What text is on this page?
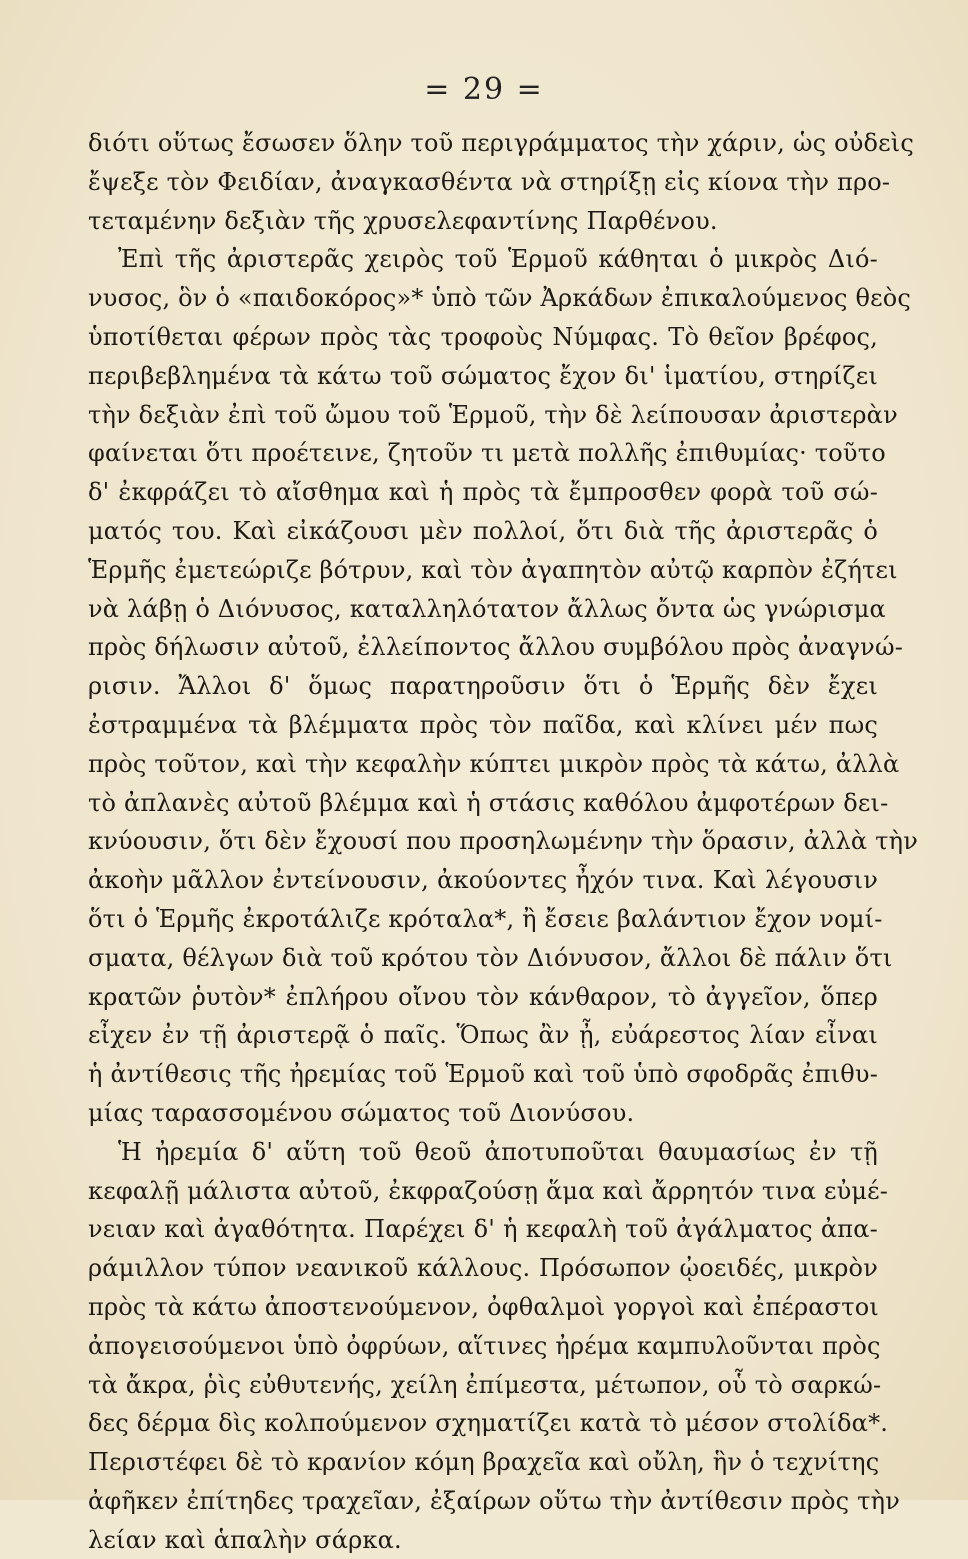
= 29 =
διότι οὕτως ἔσωσεν ὅλην τοῦ περιγράμματος τὴν χάριν, ὡς οὐδεὶς
ἔψεξε τὸν Φειδίαν, ἀναγκασθέντα νὰ στηρίξῃ εἰς κίονα τὴν προ-
τεταμένην δεξιὰν τῆς χρυσελεφαντίνης Παρθένου.
Ἐπὶ τῆς ἀριστερᾶς χειρὸς τοῦ Ἑρμοῦ κάθηται ὁ μικρὸς Διό-
νυσος, ὃν ὁ «παιδοκόρος»* ὑπὸ τῶν Ἀρκάδων ἐπικαλούμενος θεὸς
ὑποτίθεται φέρων πρὸς τὰς τροφοὺς Νύμφας. Τὸ θεῖον βρέφος,
περιβεβλημένα τὰ κάτω τοῦ σώματος ἔχον δι' ἱματίου, στηρίζει
τὴν δεξιὰν ἐπὶ τοῦ ὤμου τοῦ Ἑρμοῦ, τὴν δὲ λείπουσαν ἀριστερὰν
φαίνεται ὅτι προέτεινε, ζητοῦν τι μετὰ πολλῆς ἐπιθυμίας· τοῦτο
δ' ἐκφράζει τὸ αἴσθημα καὶ ἡ πρὸς τὰ ἔμπροσθεν φορὰ τοῦ σώ-
ματός του. Καὶ εἰκάζουσι μὲν πολλοί, ὅτι διὰ τῆς ἀριστερᾶς ὁ
Ἑρμῆς ἐμετεώριζε βότρυν, καὶ τὸν ἀγαπητὸν αὐτῷ καρπὸν ἐζήτει
νὰ λάβῃ ὁ Διόνυσος, καταλληλότατον ἄλλως ὄντα ὡς γνώρισμα
πρὸς δήλωσιν αὐτοῦ, ἐλλείποντος ἄλλου συμβόλου πρὸς ἀναγνώ-
ρισιν. Ἄλλοι δ' ὅμως παρατηροῦσιν ὅτι ὁ Ἑρμῆς δὲν ἔχει
ἐστραμμένα τὰ βλέμματα πρὸς τὸν παῖδα, καὶ κλίνει μέν πως
πρὸς τοῦτον, καὶ τὴν κεφαλὴν κύπτει μικρὸν πρὸς τὰ κάτω, ἀλλὰ
τὸ ἀπλανὲς αὐτοῦ βλέμμα καὶ ἡ στάσις καθόλου ἀμφοτέρων δει-
κνύουσιν, ὅτι δὲν ἔχουσί που προσηλωμένην τὴν ὅρασιν, ἀλλὰ τὴν
ἀκοὴν μᾶλλον ἐντείνουσιν, ἀκούοντες ἦχόν τινα. Καὶ λέγουσιν
ὅτι ὁ Ἑρμῆς ἐκροτάλιζε κρόταλα*, ἢ ἔσειε βαλάντιον ἔχον νομί-
σματα, θέλγων διὰ τοῦ κρότου τὸν Διόνυσον, ἄλλοι δὲ πάλιν ὅτι
κρατῶν ῥυτὸν* ἐπλήρου οἴνου τὸν κάνθαρον, τὸ ἀγγεῖον, ὅπερ
εἶχεν ἐν τῇ ἀριστερᾷ ὁ παῖς. Ὅπως ἂν ᾖ, εὐάρεστος λίαν εἶναι
ἡ ἀντίθεσις τῆς ἠρεμίας τοῦ Ἑρμοῦ καὶ τοῦ ὑπὸ σφοδρᾶς ἐπιθυ-
μίας ταρασσομένου σώματος τοῦ Διονύσου.
Ἡ ἠρεμία δ' αὕτη τοῦ θεοῦ ἀποτυποῦται θαυμασίως ἐν τῇ
κεφαλῇ μάλιστα αὐτοῦ, ἐκφραζούσῃ ἅμα καὶ ἄρρητόν τινα εὐμέ-
νειαν καὶ ἀγαθότητα. Παρέχει δ' ἡ κεφαλὴ τοῦ ἀγάλματος ἀπα-
ράμιλλον τύπον νεανικοῦ κάλλους. Πρόσωπον ᾠοειδές, μικρὸν
πρὸς τὰ κάτω ἀποστενούμενον, ὀφθαλμοὶ γοργοὶ καὶ ἐπέραστοι
ἀπογεισούμενοι ὑπὸ ὀφρύων, αἵτινες ἠρέμα καμπυλοῦνται πρὸς
τὰ ἄκρα, ῥὶς εὐθυτενής, χείλη ἐπίμεστα, μέτωπον, οὗ τὸ σαρκώ-
δες δέρμα δὶς κολπούμενον σχηματίζει κατὰ τὸ μέσον στολίδα*.
Περιστέφει δὲ τὸ κρανίον κόμη βραχεῖα καὶ οὔλη, ἣν ὁ τεχνίτης
ἀφῆκεν ἐπίτηδες τραχεῖαν, ἐξαίρων οὕτω τὴν ἀντίθεσιν πρὸς τὴν
λείαν καὶ ἁπαλὴν σάρκα.
